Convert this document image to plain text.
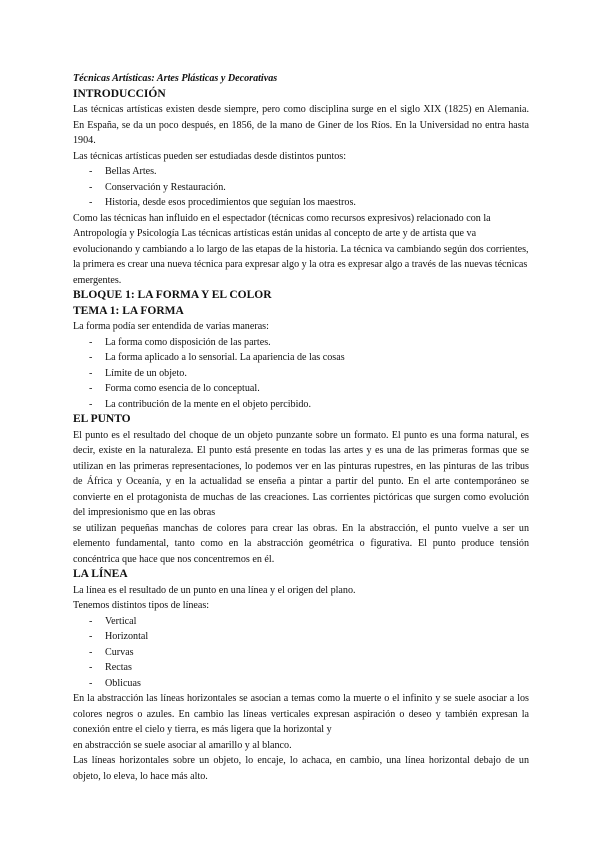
Técnicas Artísticas: Artes Plásticas y Decorativas

INTRODUCCIÓN

Las técnicas artísticas existen desde siempre, pero como disciplina surge en el siglo XIX (1825) en Alemania. En España, se da un poco después, en 1856, de la mano de Giner de los Ríos. En la Universidad no entra hasta 1904.

Las técnicas artísticas pueden ser estudiadas desde distintos puntos:

- Bellas Artes.
- Conservación y Restauración.
- Historia, desde esos procedimientos que seguían los maestros.

Como las técnicas han influido en el espectador (técnicas como recursos expresivos) relacionado con la Antropología y Psicología Las técnicas artísticas están unidas al concepto de arte y de artista que va evolucionando y cambiando a lo largo de las etapas de la historia. La técnica va cambiando según dos corrientes, la primera es crear una nueva técnica para expresar algo y la otra es expresar algo a través de las nuevas técnicas emergentes.

BLOQUE 1: LA FORMA Y EL COLOR
TEMA 1: LA FORMA

La forma podía ser entendida de varias maneras:

- La forma como disposición de las partes.
- La forma aplicado a lo sensorial. La apariencia de las cosas
- Límite de un objeto.
- Forma como esencia de lo conceptual.
- La contribución de la mente en el objeto percibido.
EL PUNTO

El punto es el resultado del choque de un objeto punzante sobre un formato. El punto es una forma natural, es decir, existe en la naturaleza. El punto está presente en todas las artes y es una de las primeras formas que se utilizan en las primeras representaciones, lo podemos ver en las pinturas rupestres, en las pinturas de las tribus de África y Oceanía, y en la actualidad se enseña a pintar a partir del punto. En el arte contemporáneo se convierte en el protagonista de muchas de las creaciones. Las corrientes pictóricas que surgen como evolución del impresionismo que en las obras

se utilizan pequeñas manchas de colores para crear las obras. En la abstracción, el punto vuelve a ser un elemento fundamental, tanto como en la abstracción geométrica o figurativa. El punto produce tensión concéntrica que hace que nos concentremos en él.

LA LÍNEA

La línea es el resultado de un punto en una línea y el origen del plano.

Tenemos distintos tipos de líneas:

- Vertical
- Horizontal
- Curvas
- Rectas
- Oblicuas

En la abstracción las líneas horizontales se asocian a temas como la muerte o el infinito y se suele asociar a los colores negros o azules. En cambio las líneas verticales expresan aspiración o deseo y también expresan la conexión entre el cielo y tierra, es más ligera que la horizontal y

en abstracción se suele asociar al amarillo y al blanco.

Las líneas horizontales sobre un objeto, lo encaje, lo achaca, en cambio, una línea horizontal debajo de un objeto, lo eleva, lo hace más alto.
